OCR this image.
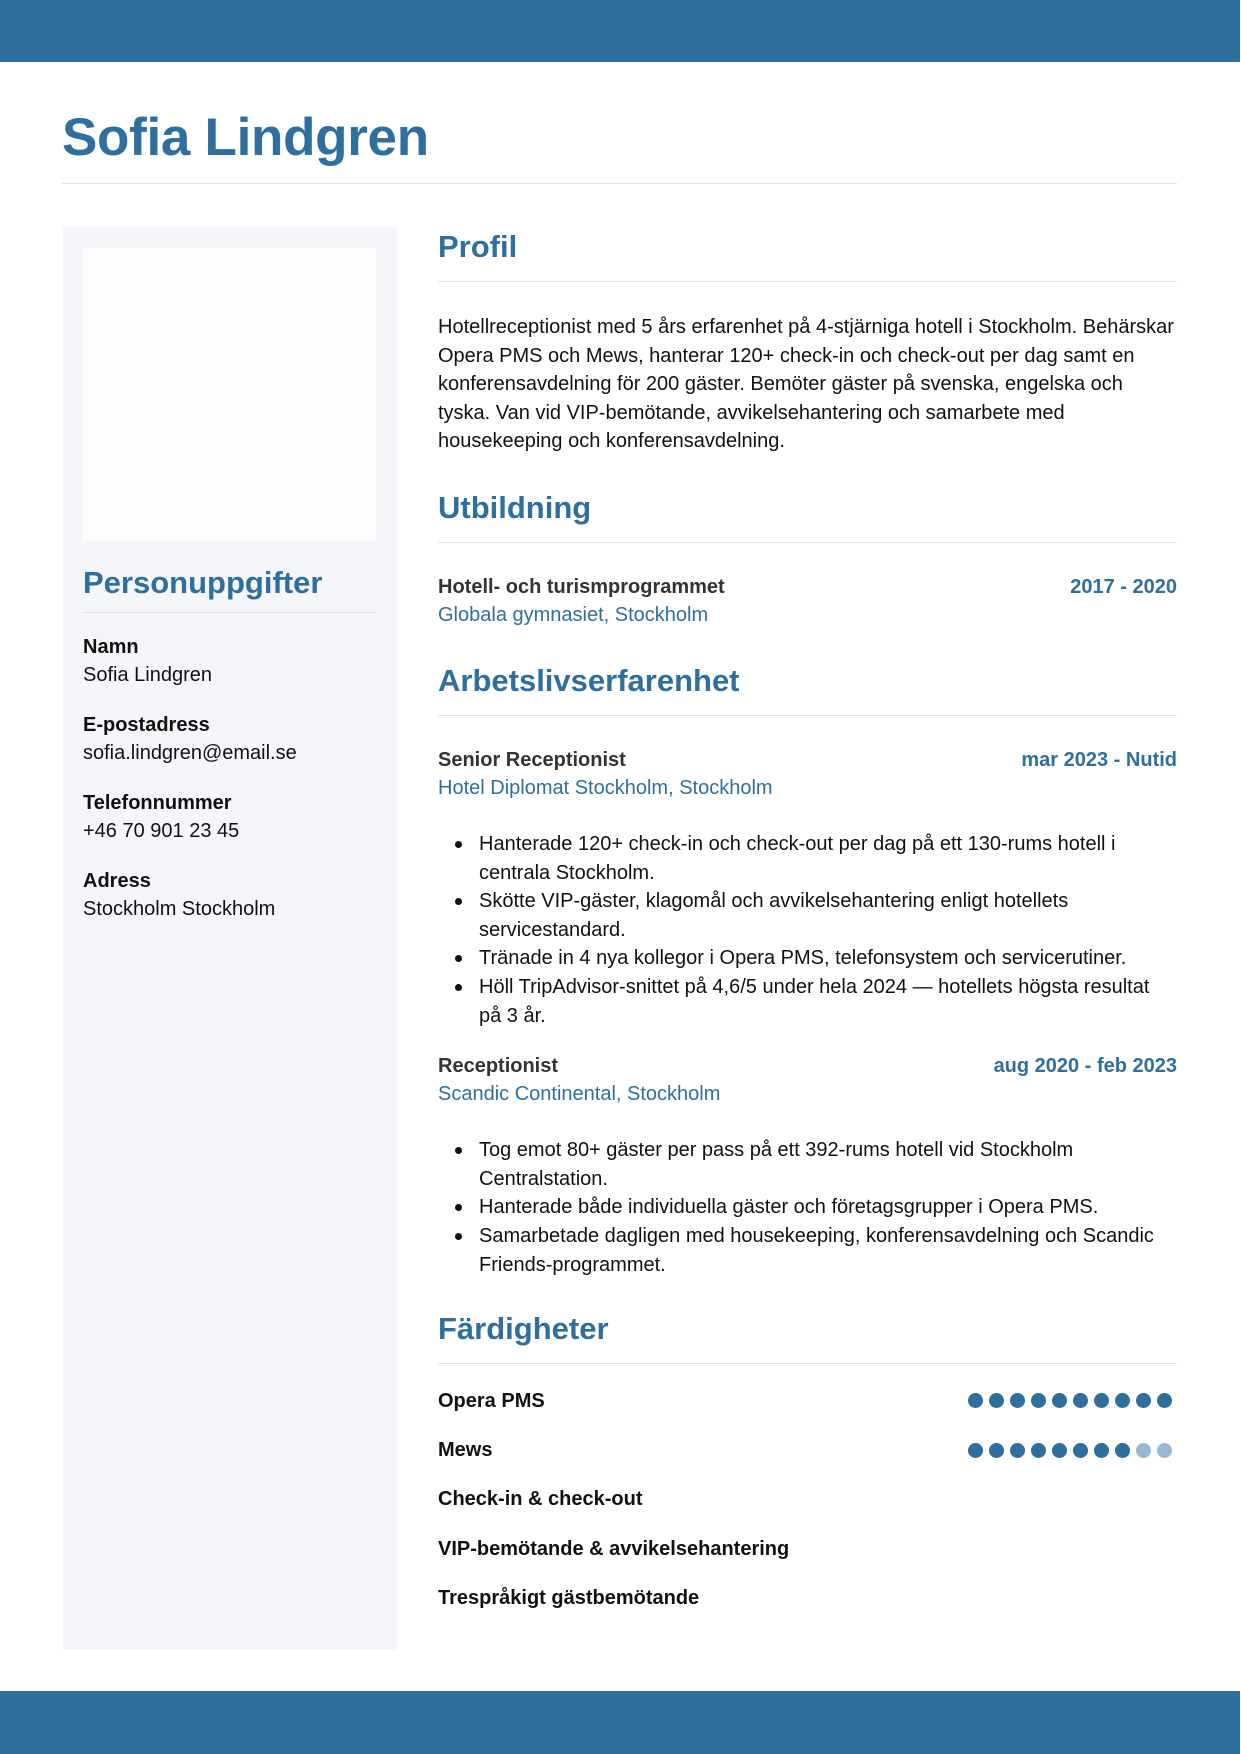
Sofia Lindgren
Personuppgifter
Namn
Sofia Lindgren
E-postadress
sofia.lindgren@email.se
Telefonnummer
+46 70 901 23 45
Adress
Stockholm Stockholm
Profil

Hotellreceptionist med 5 års erfarenhet på 4-stjärniga hotell i Stockholm. Behärskar Opera PMS och Mews, hanterar 120+ check-in och check-out per dag samt en konferensavdelning för 200 gäster. Bemöter gäster på svenska, engelska och tyska. Van vid VIP-bemötande, avvikelsehantering och samarbete med housekeeping och konferensavdelning.

Utbildning
Hotell- och turismprogrammet	2017 - 2020
Globala gymnasiet, Stockholm
Arbetslivserfarenhet
Senior Receptionist	mar 2023 - Nutid
Hotel Diplomat Stockholm, Stockholm
Hanterade 120+ check-in och check-out per dag på ett 130-rums hotell i centrala Stockholm.
Skötte VIP-gäster, klagomål och avvikelsehantering enligt hotellets servicestandard.
Tränade in 4 nya kollegor i Opera PMS, telefonsystem och servicerutiner.
Höll TripAdvisor-snittet på 4,6/5 under hela 2024 — hotellets högsta resultat på 3 år.
Receptionist	aug 2020 - feb 2023
Scandic Continental, Stockholm
Tog emot 80+ gäster per pass på ett 392-rums hotell vid Stockholm Centralstation.
Hanterade både individuella gäster och företagsgrupper i Opera PMS.
Samarbetade dagligen med housekeeping, konferensavdelning och Scandic Friends-programmet.
Färdigheter
Opera PMS
Mews
Check-in & check-out
VIP-bemötande & avvikelsehantering
Trespråkigt gästbemötande
